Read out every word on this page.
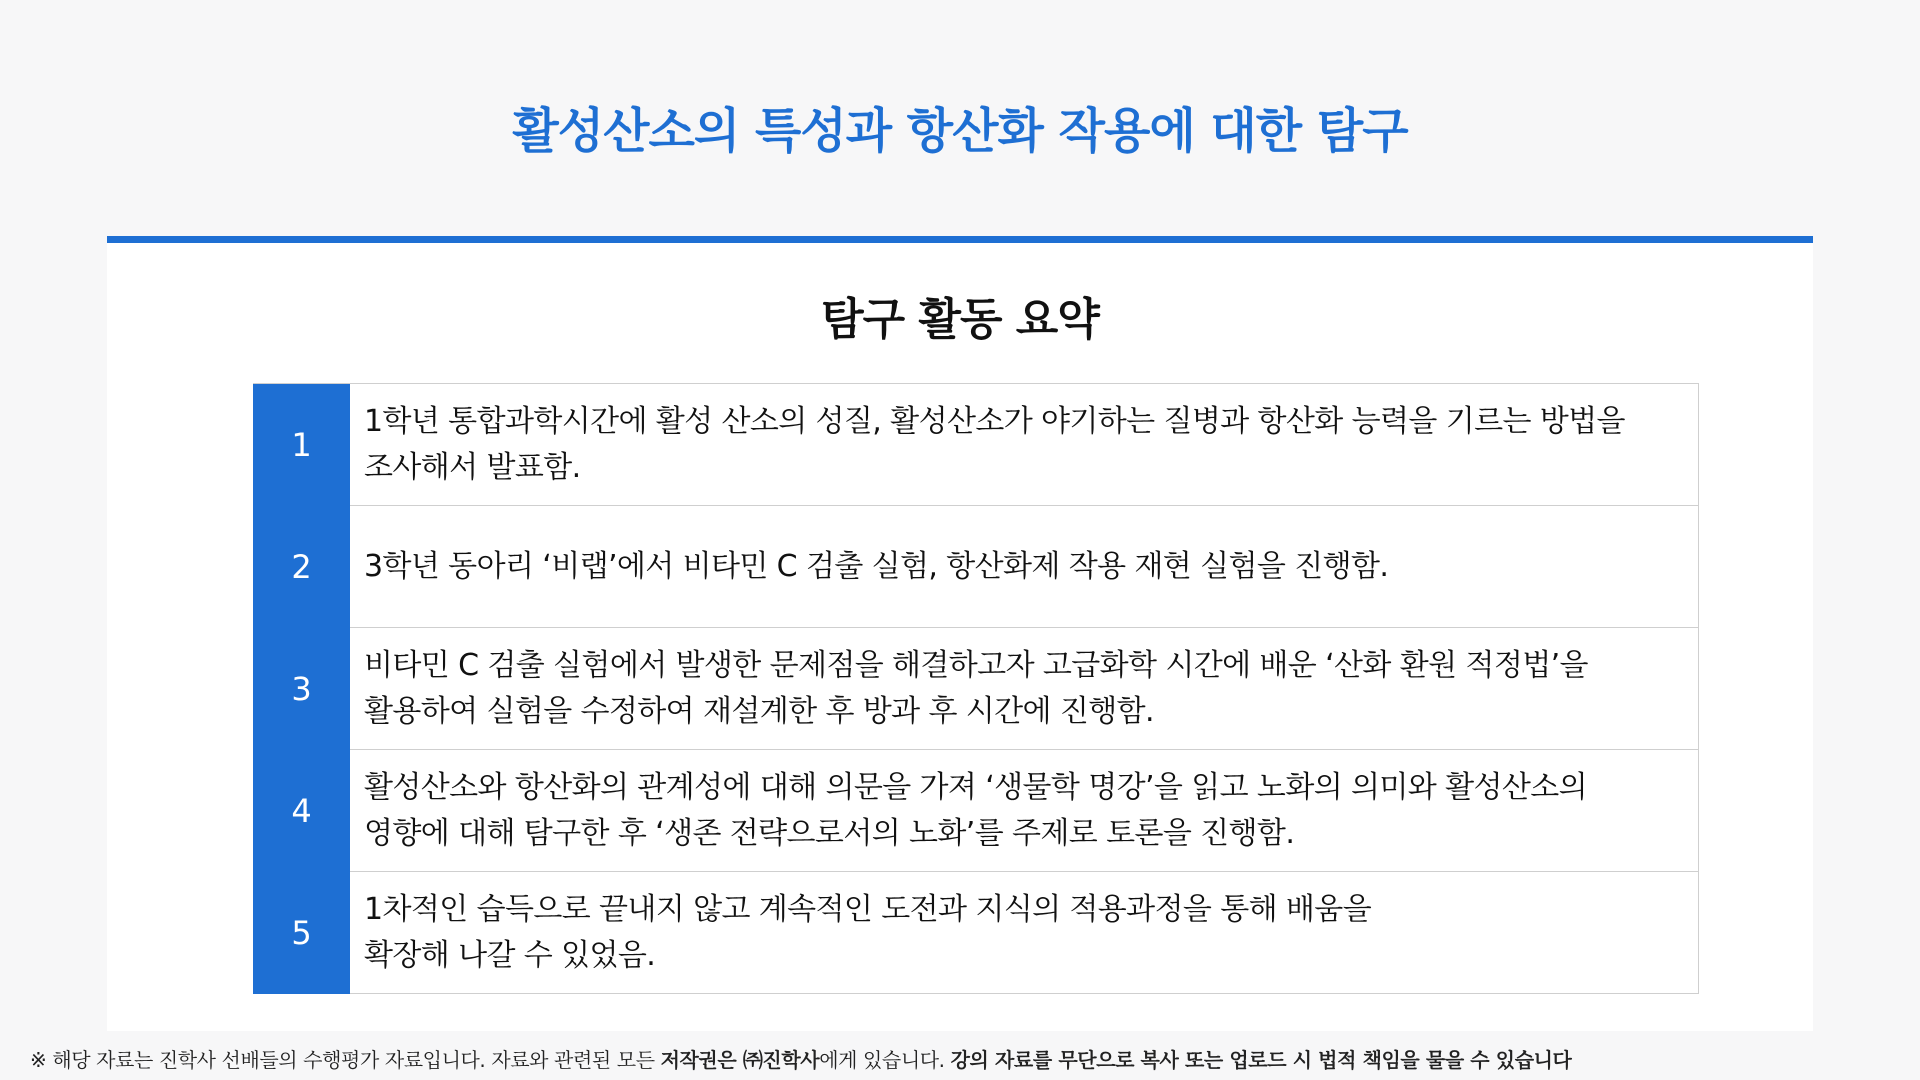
활성산소의 특성과 항산화 작용에 대한 탐구
탐구 활동 요약
1
1학년 통합과학시간에 활성 산소의 성질, 활성산소가 야기하는 질병과 항산화 능력을 기르는 방법을
조사해서 발표함.
2	3학년 동아리 ‘비랩’에서 비타민 C 검출 실험, 항산화제 작용 재현 실험을 진행함.
3
비타민 C 검출 실험에서 발생한 문제점을 해결하고자 고급화학 시간에 배운 ‘산화 환원 적정법’을
활용하여 실험을 수정하여 재설계한 후 방과 후 시간에 진행함.
4
활성산소와 항산화의 관계성에 대해 의문을 가져 ‘생물학 명강’을 읽고 노화의 의미와 활성산소의
영향에 대해 탐구한 후 ‘생존 전략으로서의 노화’를 주제로 토론을 진행함.
5
1차적인 습득으로 끝내지 않고 계속적인 도전과 지식의 적용과정을 통해 배움을
확장해 나갈 수 있었음.
※ 해당 자료는 진학사 선배들의 수행평가 자료입니다. 자료와 관련된 모든 저작권은 ㈜진학사에게 있습니다. 강의 자료를 무단으로 복사 또는 업로드 시 법적 책임을 물을 수 있습니다
